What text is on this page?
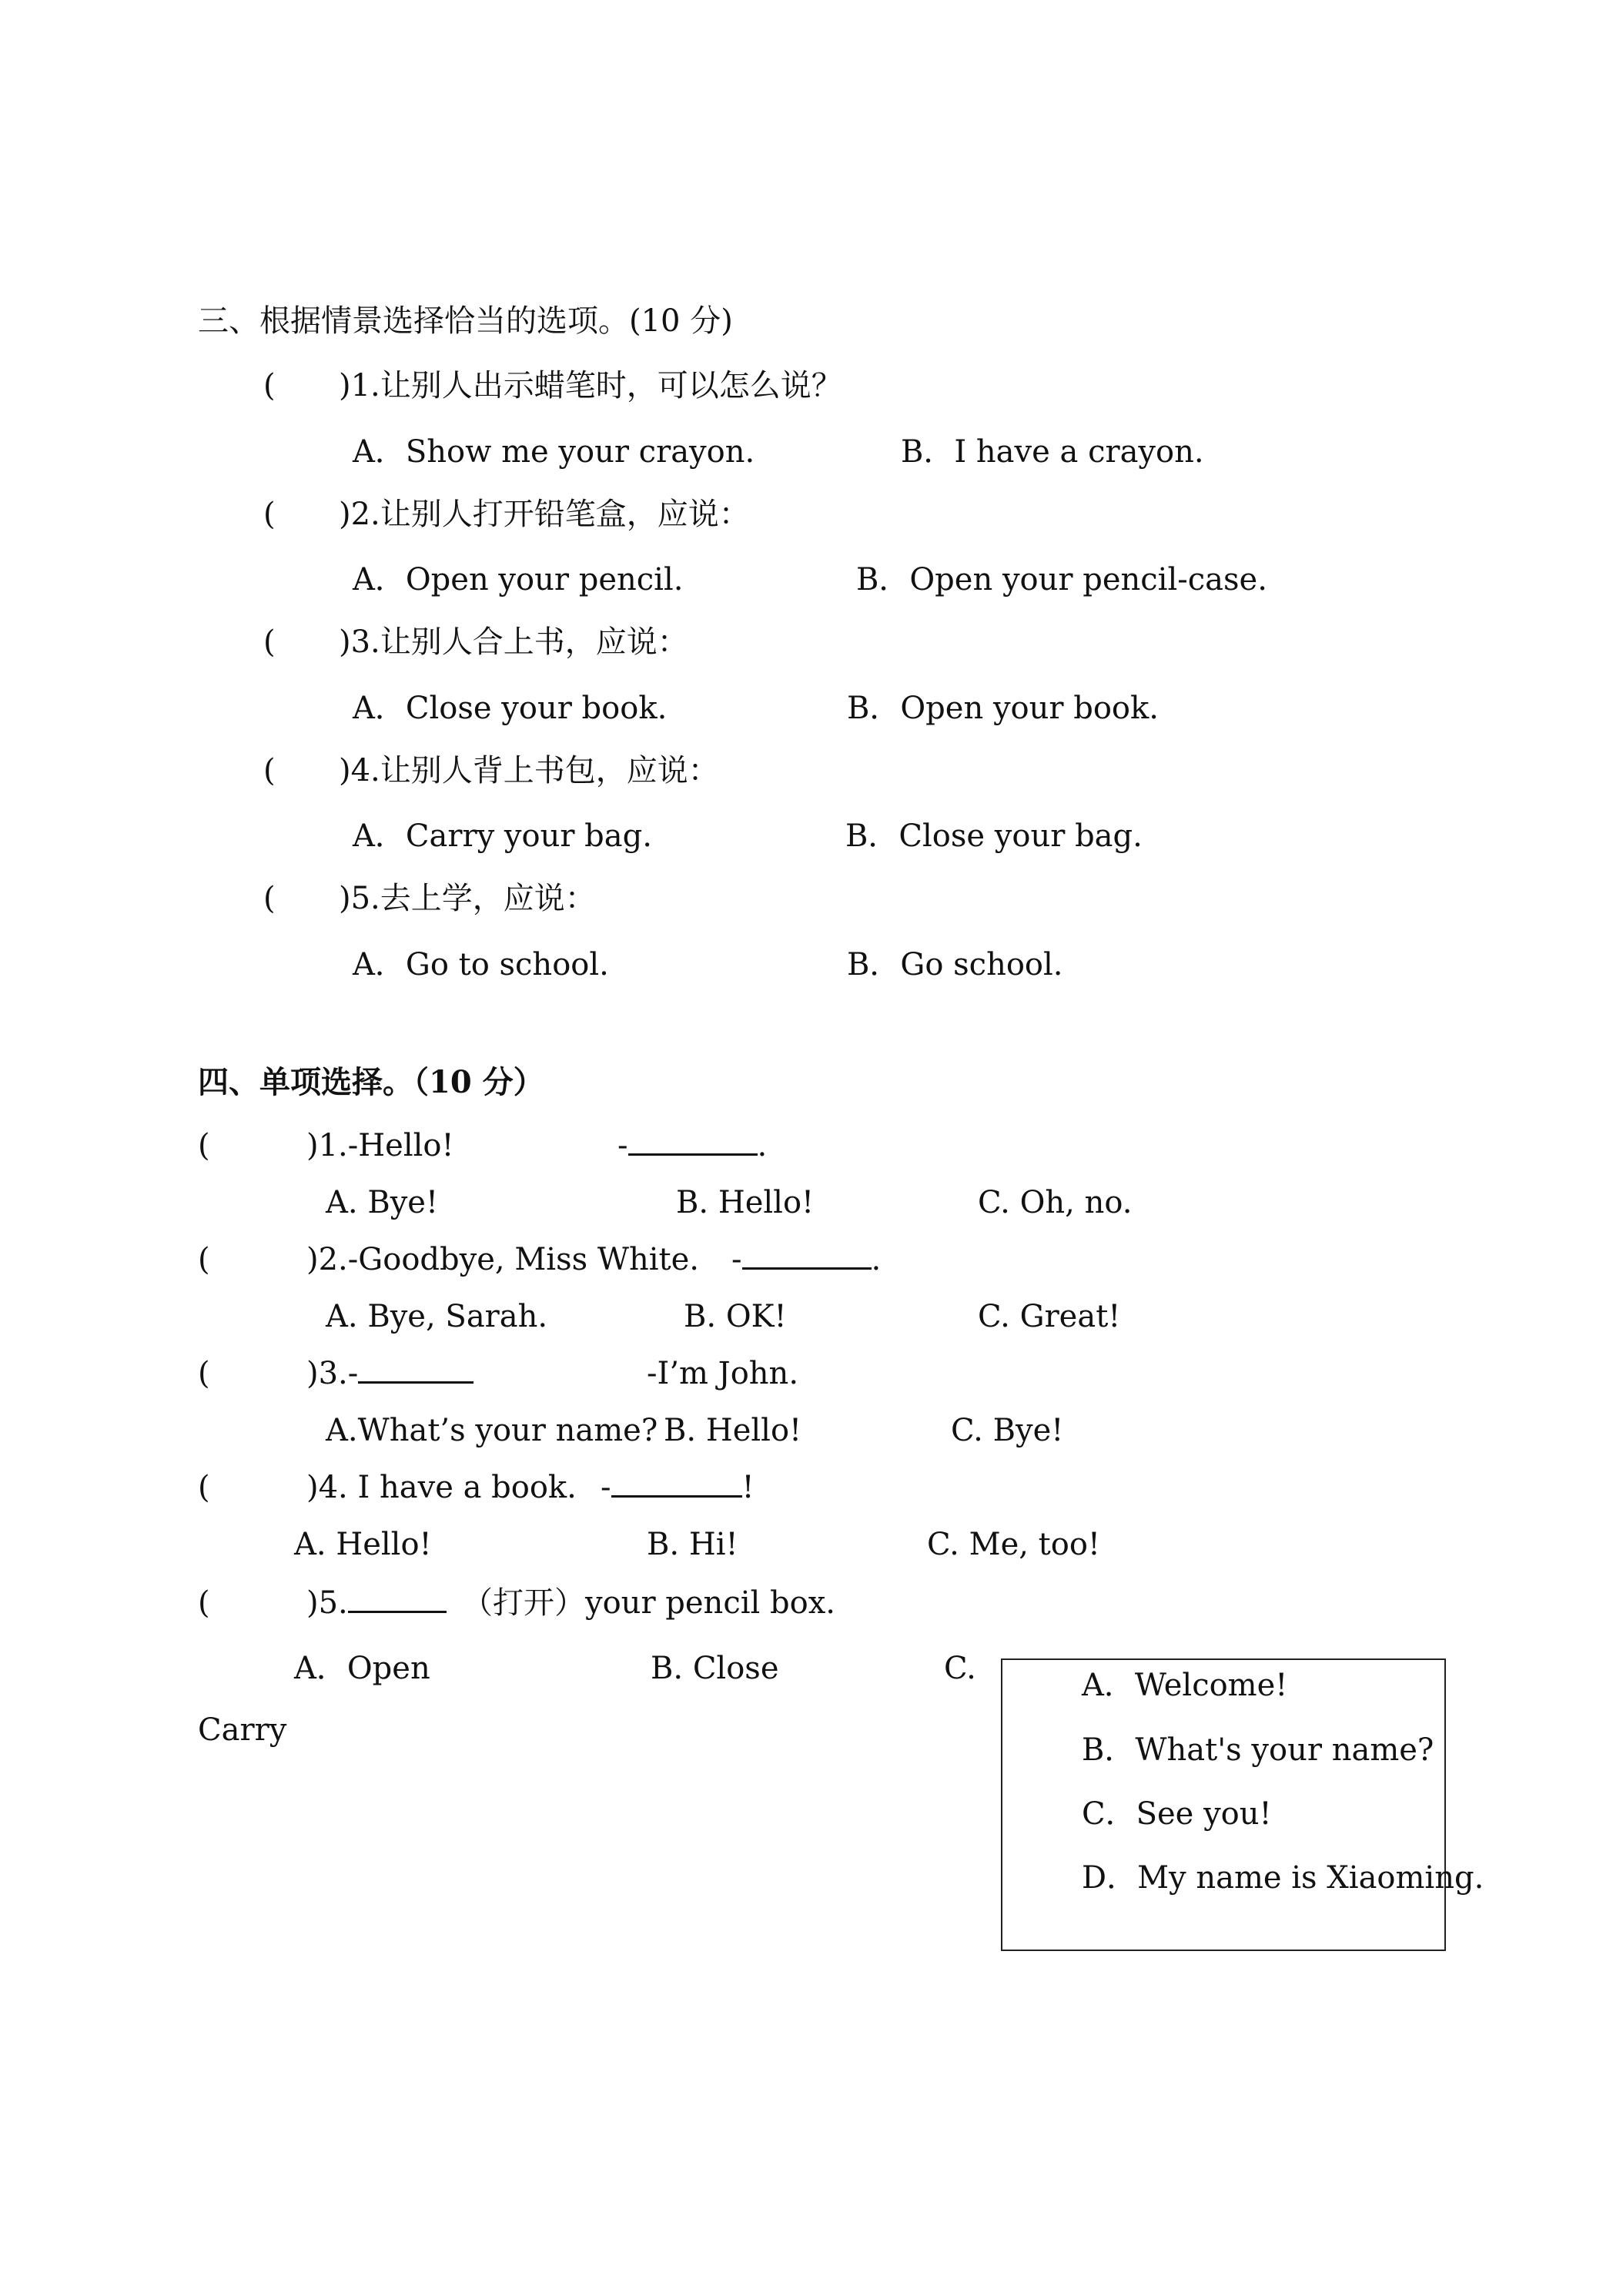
三、根据情景选择恰当的选项。(10 分)
( )1.让别人出示蜡笔时，可以怎么说？
A．Show me your crayon.	B．I have a crayon.
( )2.让别人打开铅笔盒，应说：
A．Open your pencil.	B．Open your pencil-case.
( )3.让别人合上书，应说：
A．Close your book.	B．Open your book.
( )4.让别人背上书包，应说：
A．Carry your bag.	B．Close your bag.
( )5.去上学，应说：
A．Go to school.	B．Go school.
四、单项选择。（10 分）
(	)1.-Hello!	-	.
A. Bye!	B. Hello!	C. Oh, no.
(	)2.-Goodbye, Miss White. -	.
A. Bye, Sarah.	B. OK!	C. Great!
(	)3.-	-I’m John.
A.What’s your name? B. Hello!	C. Bye!
(	)4. I have a book. -	!
A. Hello!	B. Hi!	C. Me, too!
(	)5.	（打开）your pencil box.
A．Open	B. Close	C.
Carry
A．Welcome!
B．What's your name?
C．See you!
D．My name is Xiaoming.
